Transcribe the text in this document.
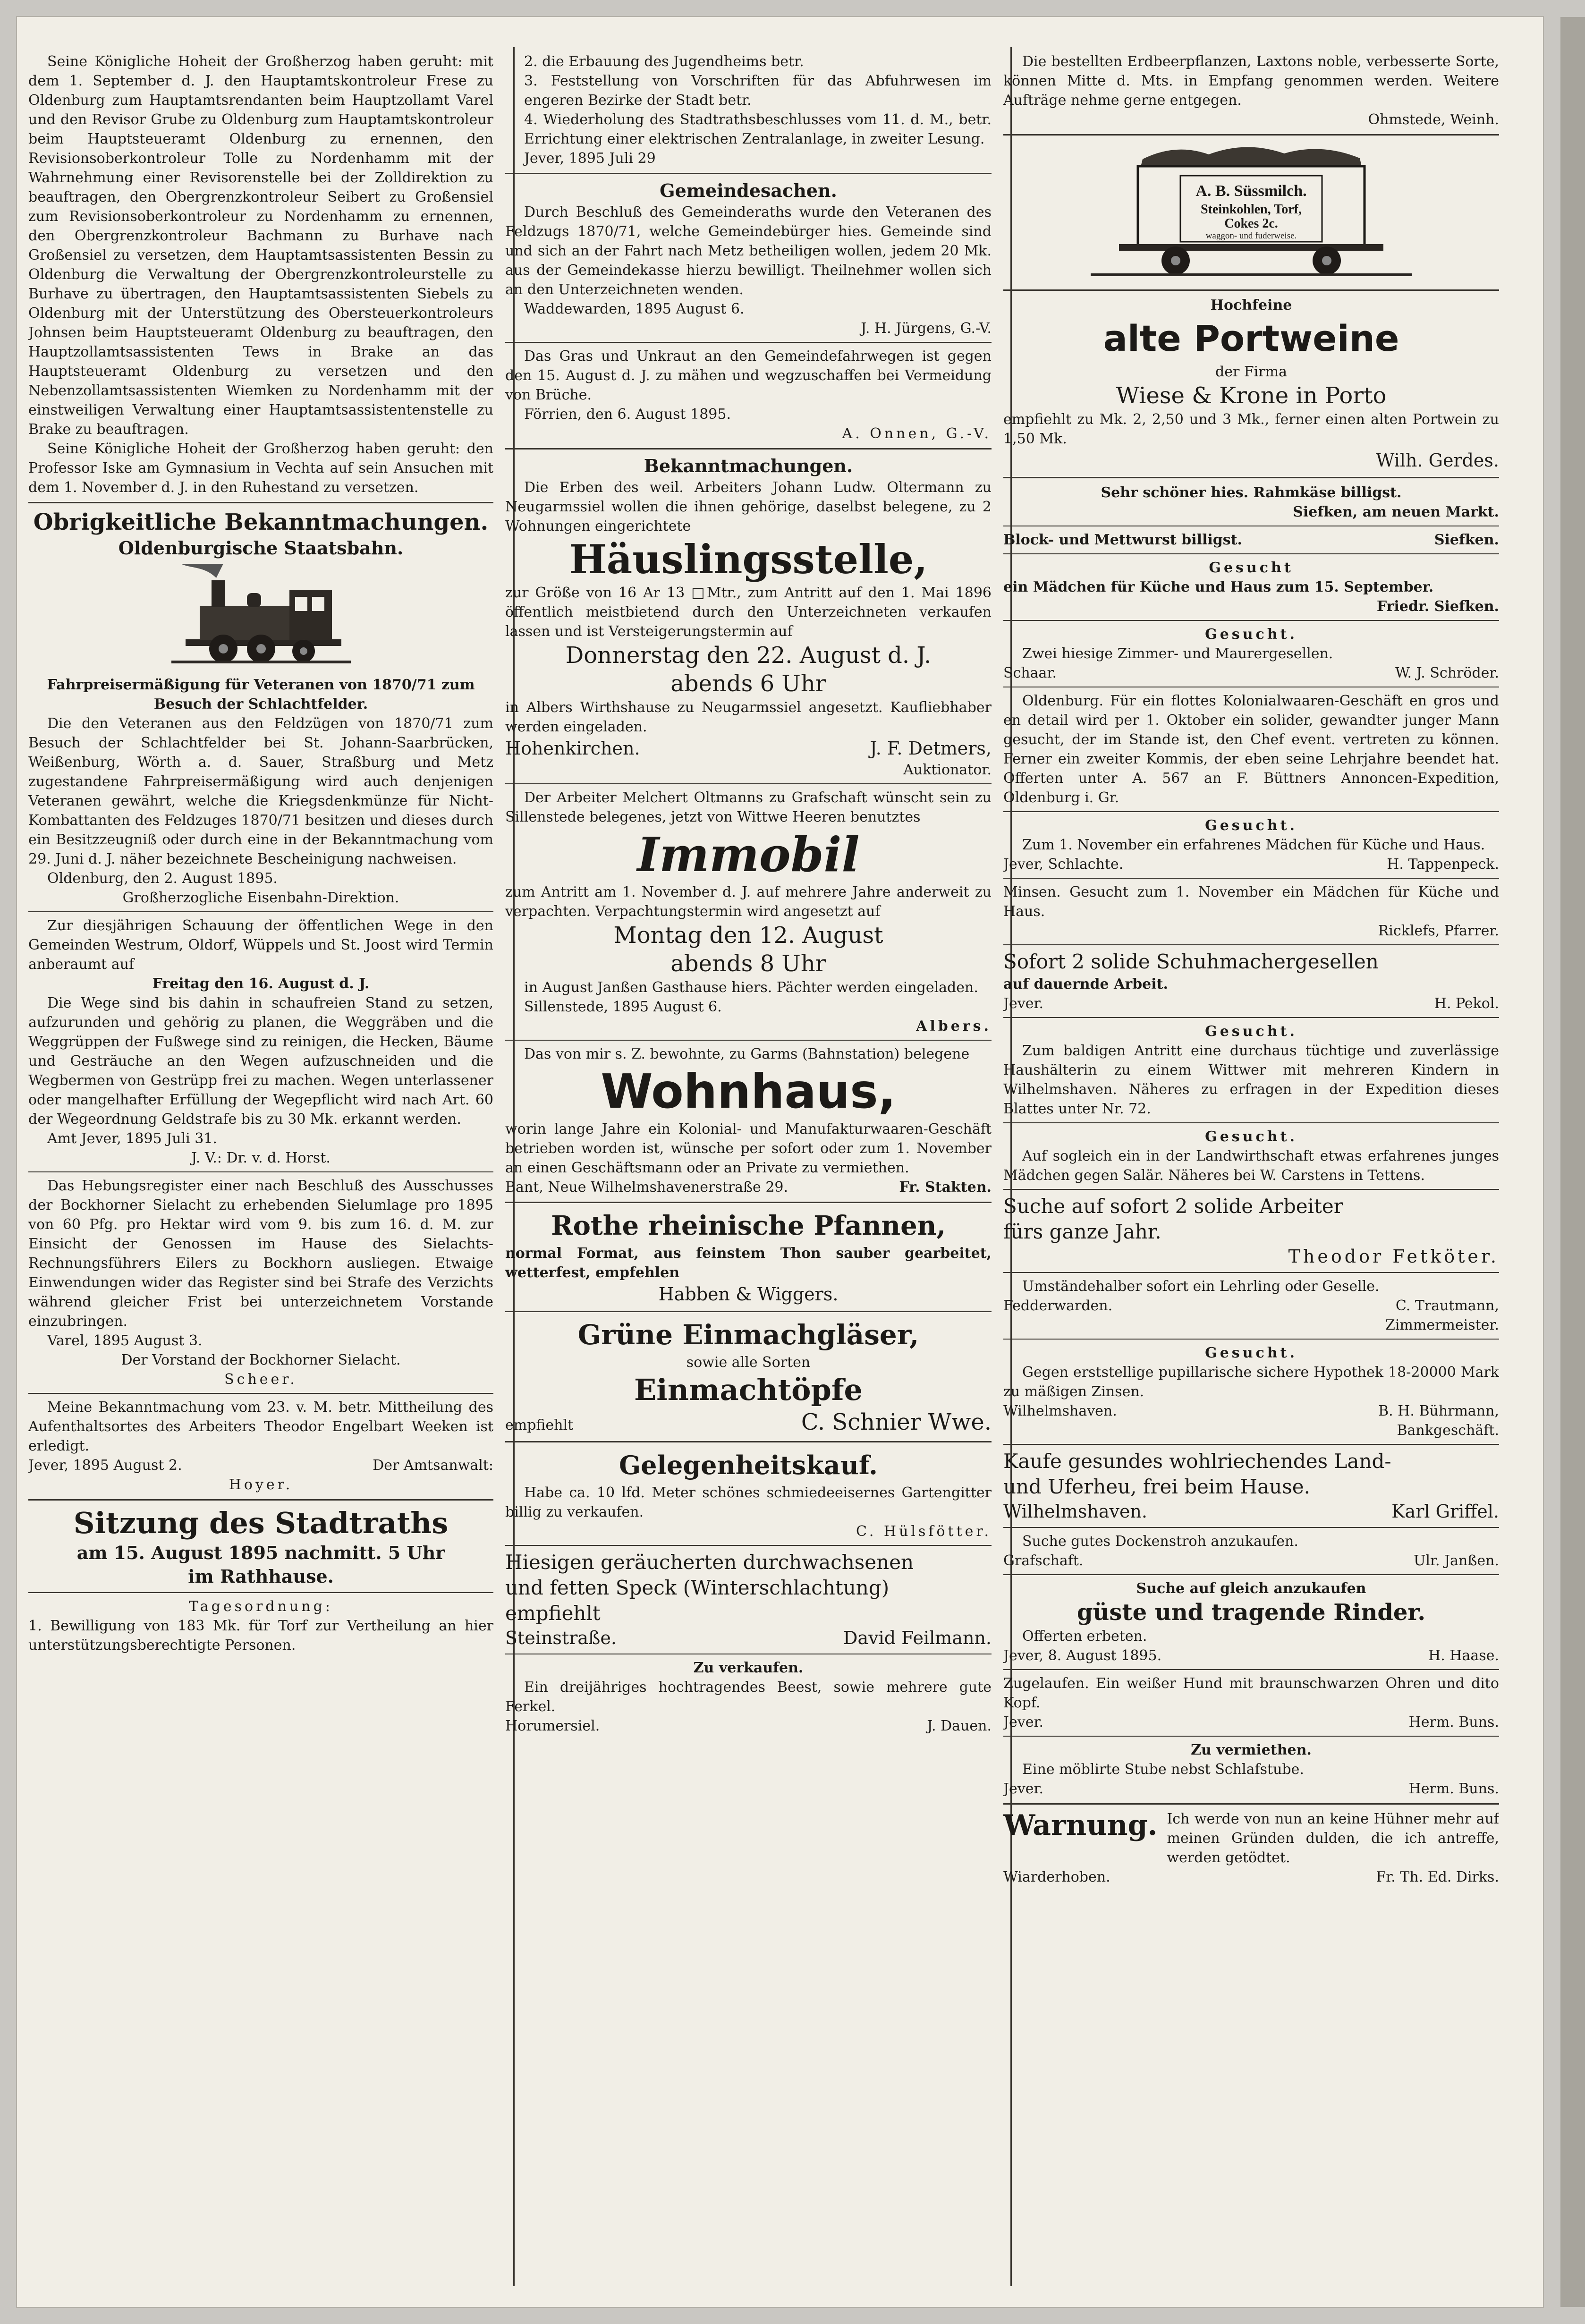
Seine Königliche Hoheit der Großherzog haben geruht: mit dem 1. September d. J. den Hauptamtskontroleur Frese zu Oldenburg zum Hauptamtsrendanten beim Hauptzollamt Varel und den Revisor Grube zu Oldenburg zum Hauptamtskontroleur beim Hauptsteueramt Oldenburg zu ernennen, den Revisionsoberkontroleur Tolle zu Nordenhamm mit der Wahrnehmung einer Revisorenstelle bei der Zolldirektion zu beauftragen, den Obergrenzkontroleur Seibert zu Großensiel zum Revisionsoberkontroleur zu Nordenhamm zu ernennen, den Obergrenzkontroleur Bachmann zu Burhave nach Großensiel zu versetzen, dem Hauptamtsassistenten Bessin zu Oldenburg die Verwaltung der Obergrenzkontroleurstelle zu Burhave zu übertragen, den Hauptamtsassistenten Siebels zu Oldenburg mit der Unterstützung des Obersteuerkontroleurs Johnsen beim Hauptsteueramt Oldenburg zu beauftragen, den Hauptzollamtsassistenten Tews in Brake an das Hauptsteueramt Oldenburg zu versetzen und den Nebenzollamtsassistenten Wiemken zu Nordenhamm mit der einstweiligen Verwaltung einer Hauptamtsassistentenstelle zu Brake zu beauftragen.

Seine Königliche Hoheit der Großherzog haben geruht: den Professor Iske am Gymnasium in Vechta auf sein Ansuchen mit dem 1. November d. J. in den Ruhestand zu versetzen.

Obrigkeitliche Bekanntmachungen.

Oldenburgische Staatsbahn.

Fahrpreisermäßigung für Veteranen von 1870/71 zum Besuch der Schlachtfelder.

Die den Veteranen aus den Feldzügen von 1870/71 zum Besuch der Schlachtfelder bei St. Johann-Saarbrücken, Weißenburg, Wörth a. d. Sauer, Straßburg und Metz zugestandene Fahrpreisermäßigung wird auch denjenigen Veteranen gewährt, welche die Kriegsdenkmünze für Nicht-Kombattanten des Feldzuges 1870/71 besitzen und dieses durch ein Besitzzeugniß oder durch eine in der Bekanntmachung vom 29. Juni d. J. näher bezeichnete Bescheinigung nachweisen.

Oldenburg, den 2. August 1895.

Großherzogliche Eisenbahn-Direktion.

Zur diesjährigen Schauung der öffentlichen Wege in den Gemeinden Westrum, Oldorf, Wüppels und St. Joost wird Termin anberaumt auf

Freitag den 16. August d. J.

Die Wege sind bis dahin in schaufreien Stand zu setzen, aufzurunden und gehörig zu planen, die Weggräben und die Weggrüppen der Fußwege sind zu reinigen, die Hecken, Bäume und Gesträuche an den Wegen aufzuschneiden und die Wegbermen von Gestrüpp frei zu machen. Wegen unterlassener oder mangelhafter Erfüllung der Wegepflicht wird nach Art. 60 der Wegeordnung Geldstrafe bis zu 30 Mk. erkannt werden.

Amt Jever, 1895 Juli 31.

J. V.: Dr. v. d. Horst.

Das Hebungsregister einer nach Beschluß des Ausschusses der Bockhorner Sielacht zu erhebenden Sielumlage pro 1895 von 60 Pfg. pro Hektar wird vom 9. bis zum 16. d. M. zur Einsicht der Genossen im Hause des Sielachts-Rechnungsführers Eilers zu Bockhorn ausliegen. Etwaige Einwendungen wider das Register sind bei Strafe des Verzichts während gleicher Frist bei unterzeichnetem Vorstande einzubringen.

Varel, 1895 August 3.

Der Vorstand der Bockhorner Sielacht.

Scheer.

Meine Bekanntmachung vom 23. v. M. betr. Mittheilung des Aufenthaltsortes des Arbeiters Theodor Engelbart Weeken ist erledigt.

Jever, 1895 August 2.	Der Amtsanwalt:

Hoyer.

Sitzung des Stadtraths

am 15. August 1895 nachmitt. 5 Uhr

im Rathhause.

Tagesordnung:

1. Bewilligung von 183 Mk. für Torf zur Vertheilung an hier unterstützungsberechtigte Personen.

2. die Erbauung des Jugendheims betr.

3. Feststellung von Vorschriften für das Abfuhrwesen im engeren Bezirke der Stadt betr.

4. Wiederholung des Stadtrathsbeschlusses vom 11. d. M., betr. Errichtung einer elektrischen Zentralanlage, in zweiter Lesung.

Jever, 1895 Juli 29

Gemeindesachen.

Durch Beschluß des Gemeinderaths wurde den Veteranen des Feldzugs 1870/71, welche Gemeindebürger hies. Gemeinde sind und sich an der Fahrt nach Metz betheiligen wollen, jedem 20 Mk. aus der Gemeindekasse hierzu bewilligt. Theilnehmer wollen sich an den Unterzeichneten wenden.

Waddewarden, 1895 August 6.

J. H. Jürgens, G.-V.

Das Gras und Unkraut an den Gemeindefahrwegen ist gegen den 15. August d. J. zu mähen und wegzuschaffen bei Vermeidung von Brüche.

Förrien, den 6. August 1895.

A. Onnen, G.-V.

Bekanntmachungen.

Die Erben des weil. Arbeiters Johann Ludw. Oltermann zu Neugarmssiel wollen die ihnen gehörige, daselbst belegene, zu 2 Wohnungen eingerichtete

Häuslingsstelle,

zur Größe von 16 Ar 13 □Mtr., zum Antritt auf den 1. Mai 1896 öffentlich meistbietend durch den Unterzeichneten verkaufen lassen und ist Versteigerungstermin auf

Donnerstag den 22. August d. J.

abends 6 Uhr

in Albers Wirthshause zu Neugarmssiel angesetzt. Kaufliebhaber werden eingeladen.

Hohenkirchen.	J. F. Detmers,

Auktionator.

Der Arbeiter Melchert Oltmanns zu Grafschaft wünscht sein zu Sillenstede belegenes, jetzt von Wittwe Heeren benutztes

Immobil

zum Antritt am 1. November d. J. auf mehrere Jahre anderweit zu verpachten. Verpachtungstermin wird angesetzt auf

Montag den 12. August

abends 8 Uhr

in August Janßen Gasthause hiers. Pächter werden eingeladen.

Sillenstede, 1895 August 6.

Albers.

Das von mir s. Z. bewohnte, zu Garms (Bahnstation) belegene

Wohnhaus,

worin lange Jahre ein Kolonial- und Manufakturwaaren-Geschäft betrieben worden ist, wünsche per sofort oder zum 1. November an einen Geschäftsmann oder an Private zu vermiethen.

Bant, Neue Wilhelmshavenerstraße 29.	Fr. Stakten.

Rothe rheinische Pfannen,

normal Format, aus feinstem Thon sauber gearbeitet, wetterfest, empfehlen

Habben & Wiggers.

Grüne Einmachgläser,

sowie alle Sorten

Einmachtöpfe

empfiehlt	C. Schnier Wwe.

Gelegenheitskauf.

Habe ca. 10 lfd. Meter schönes schmiedeeisernes Gartengitter billig zu verkaufen.

C. Hülsfötter.

Hiesigen geräucherten durchwachsenen

und fetten Speck (Winterschlachtung)

empfiehlt

Steinstraße.	David Feilmann.

Zu verkaufen.

Ein dreijähriges hochtragendes Beest, sowie mehrere gute Ferkel.

Horumersiel.	J. Dauen.

Die bestellten Erdbeerpflanzen, Laxtons noble, verbesserte Sorte, können Mitte d. Mts. in Empfang genommen werden. Weitere Aufträge nehme gerne entgegen.

Ohmstede, Weinh.

A. B. Süssmilch.
Steinkohlen, Torf,
Cokes 2c.
waggon- und fuderweise.

Hochfeine

alte Portweine

der Firma

Wiese & Krone in Porto

empfiehlt zu Mk. 2, 2,50 und 3 Mk., ferner einen alten Portwein zu 1,50 Mk.

Wilh. Gerdes.

Sehr schöner hies. Rahmkäse billigst.

Siefken, am neuen Markt.

Block- und Mettwurst billigst.	Siefken.

Gesucht

ein Mädchen für Küche und Haus zum 15. September.

Friedr. Siefken.

Gesucht.

Zwei hiesige Zimmer- und Maurergesellen.

Schaar.	W. J. Schröder.

Oldenburg. Für ein flottes Kolonialwaaren-Geschäft en gros und en detail wird per 1. Oktober ein solider, gewandter junger Mann gesucht, der im Stande ist, den Chef event. vertreten zu können. Ferner ein zweiter Kommis, der eben seine Lehrjahre beendet hat. Offerten unter A. 567 an F. Büttners Annoncen-Expedition, Oldenburg i. Gr.

Gesucht.

Zum 1. November ein erfahrenes Mädchen für Küche und Haus.

Jever, Schlachte.	H. Tappenpeck.

Minsen. Gesucht zum 1. November ein Mädchen für Küche und Haus.

Ricklefs, Pfarrer.

Sofort 2 solide Schuhmachergesellen

auf dauernde Arbeit.

Jever.	H. Pekol.

Gesucht.

Zum baldigen Antritt eine durchaus tüchtige und zuverlässige Haushälterin zu einem Wittwer mit mehreren Kindern in Wilhelmshaven. Näheres zu erfragen in der Expedition dieses Blattes unter Nr. 72.

Gesucht.

Auf sogleich ein in der Landwirthschaft etwas erfahrenes junges Mädchen gegen Salär. Näheres bei W. Carstens in Tettens.

Suche auf sofort 2 solide Arbeiter

fürs ganze Jahr.

Theodor Fetköter.

Umständehalber sofort ein Lehrling oder Geselle.

Fedderwarden.	C. Trautmann,

Zimmermeister.

Gesucht.

Gegen erststellige pupillarische sichere Hypothek 18-20000 Mark zu mäßigen Zinsen.

Wilhelmshaven.	B. H. Bührmann,

Bankgeschäft.

Kaufe gesundes wohlriechendes Land-

und Uferheu, frei beim Hause.

Wilhelmshaven.	Karl Griffel.

Suche gutes Dockenstroh anzukaufen.

Grafschaft.	Ulr. Janßen.

Suche auf gleich anzukaufen

güste und tragende Rinder.

Offerten erbeten.

Jever, 8. August 1895.	H. Haase.

Zugelaufen. Ein weißer Hund mit braunschwarzen Ohren und dito Kopf.

Jever.	Herm. Buns.

Zu vermiethen.

Eine möblirte Stube nebst Schlafstube.

Jever.	Herm. Buns.
Warnung. Ich werde von nun an keine Hühner mehr auf meinen Gründen dulden, die ich antreffe, werden getödtet.
Wiarderhoben.	Fr. Th. Ed. Dirks.
